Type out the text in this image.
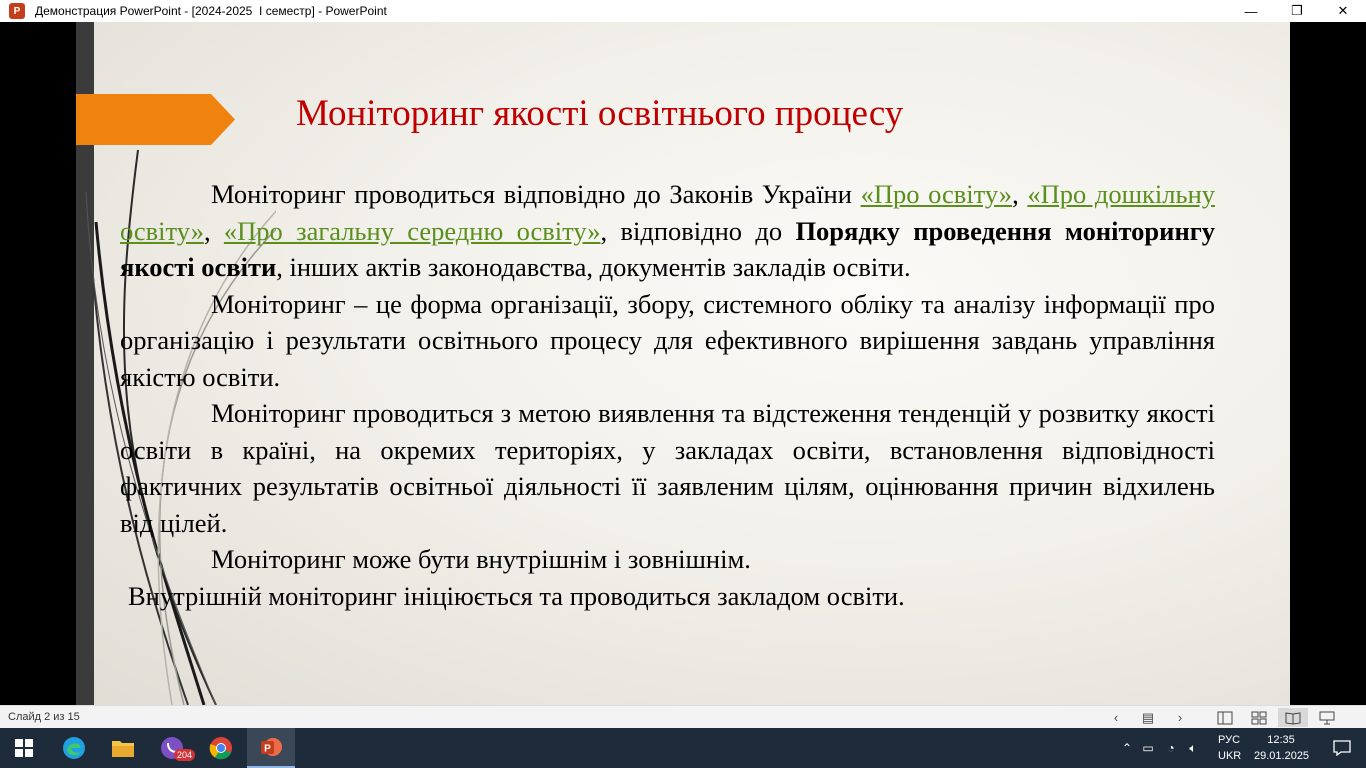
P	Демонстрация PowerPoint - [2024-2025  I семестр] - PowerPoint	—	❐	✕
Моніторинг якості освітнього процесу

Моніторинг проводиться відповідно до Законів України «Про освіту», «Про дошкільну освіту», «Про загальну середню освіту», відповідно до Порядку проведення моніторингу якості освіти, інших актів законодавства, документів закладів освіти.

Моніторинг – це форма організації, збору, системного обліку та аналізу інформації про організацію і результати освітнього процесу для ефективного вирішення завдань управління якістю освіти.

Моніторинг проводиться з метою виявлення та відстеження тенденцій у розвитку якості освіти в країні, на окремих територіях, у закладах освіти, встановлення відповідності фактичних результатів освітньої діяльності її заявленим цілям, оцінювання причин відхилень від цілей.

Моніторинг може бути внутрішнім і зовнішнім.

Внутрішній моніторинг ініціюється та проводиться закладом освіти.

Слайд 2 из 15	‹	▤	›
204
P	⌃ ▭	◔	🔈︎
РУС
UKR
12:35
29.01.2025
